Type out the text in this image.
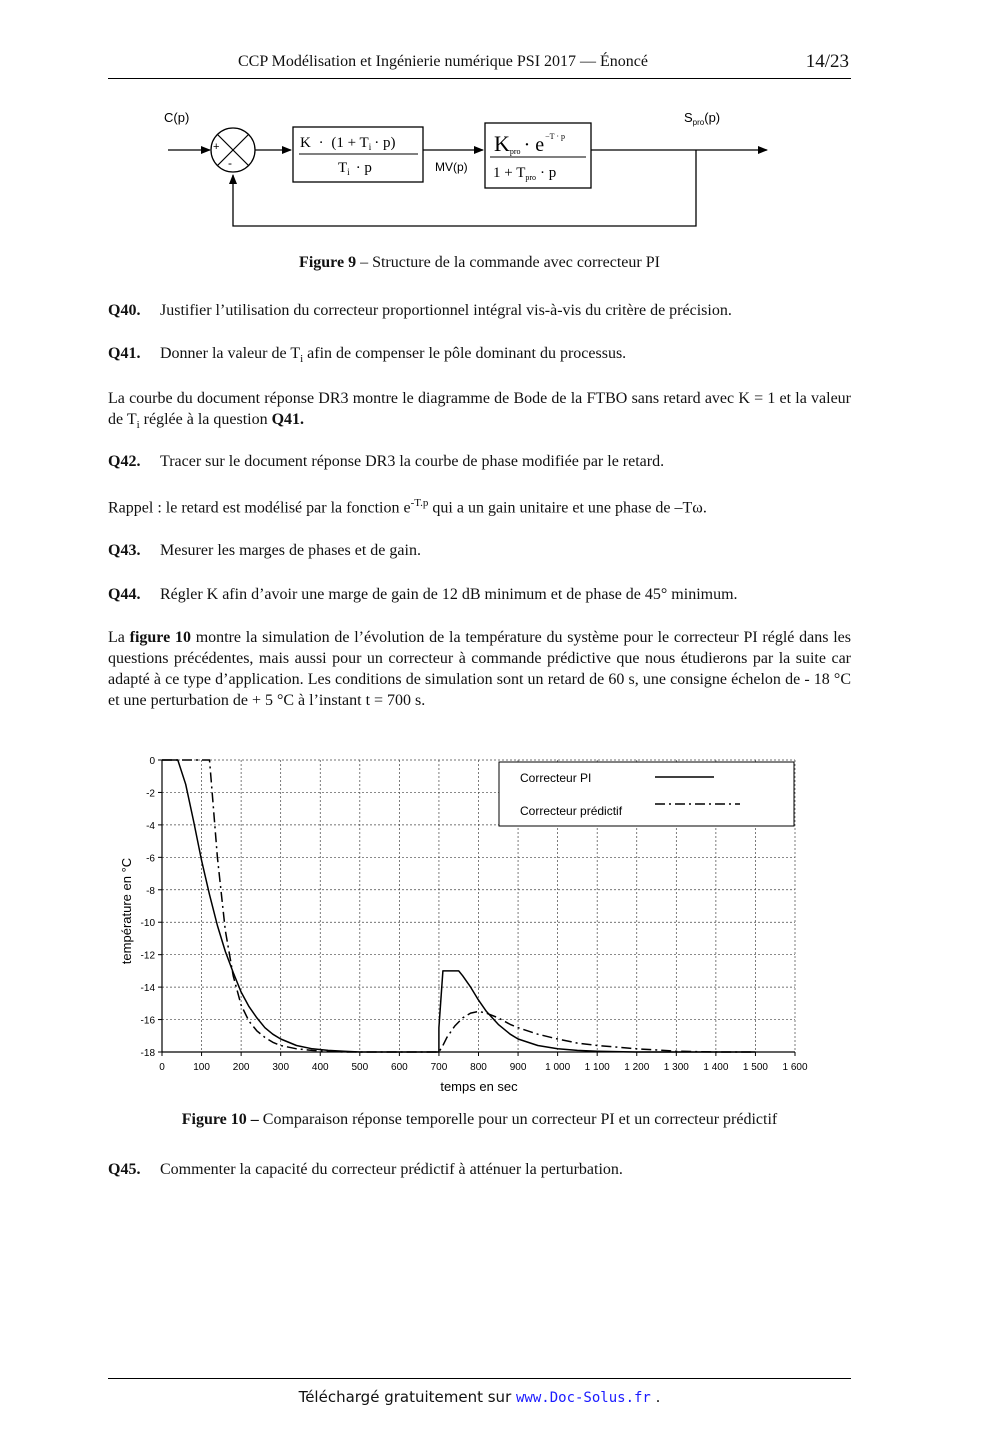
CCP Modélisation et Ingénierie numérique PSI 2017 — Énoncé	14/23
C(p)
+
-
$K \cdot (1 + T_i \cdot p)$
$T_i \cdot p$	MV(p)
Kpro · $e^{-T \cdot p}$
$1 + T_{pro} \cdot p$
$S_{pro}(p)$
Figure 9 – Structure de la commande avec correcteur PI
Q40. Justifier l’utilisation du correcteur proportionnel intégral vis-à-vis du critère de précision.
Q41. Donner la valeur de $T_i$ afin de compenser le pôle dominant du processus.
La courbe du document réponse DR3 montre le diagramme de Bode de la FTBO sans retard avec K = 1 et la valeur de $T_i$ réglée à la question Q41.
Q42. Tracer sur le document réponse DR3 la courbe de phase modifiée par le retard.
Rappel : le retard est modélisé par la fonction $e^{-T.p}$ qui a un gain unitaire et une phase de –Tω.
Q43. Mesurer les marges de phases et de gain.
Q44. Régler K afin d’avoir une marge de gain de 12 dB minimum et de phase de 45° minimum.
La figure 10 montre la simulation de l’évolution de la température du système pour le correcteur PI réglé dans les questions précédentes, mais aussi pour un correcteur à commande prédictive que nous étudierons par la suite car adapté à ce type d’application. Les conditions de simulation sont un retard de 60 s, une consigne échelon de - 18 °C et une perturbation de + 5 °C à l’instant t = 700 s.
0	100 200 300 400 500 600 700 800 900 1 000 1 100 1 200 1 300 1 400 1 500 1 600
0
-2
-4
-6
-8
-10
-12
-14
-16
-18
Correcteur PI
Correcteur prédictif
temps en sec
température en °C
Figure 10 – Comparaison réponse temporelle pour un correcteur PI et un correcteur prédictif
Q45. Commenter la capacité du correcteur prédictif à atténuer la perturbation.
Téléchargé gratuitement sur www.Doc-Solus.fr .
